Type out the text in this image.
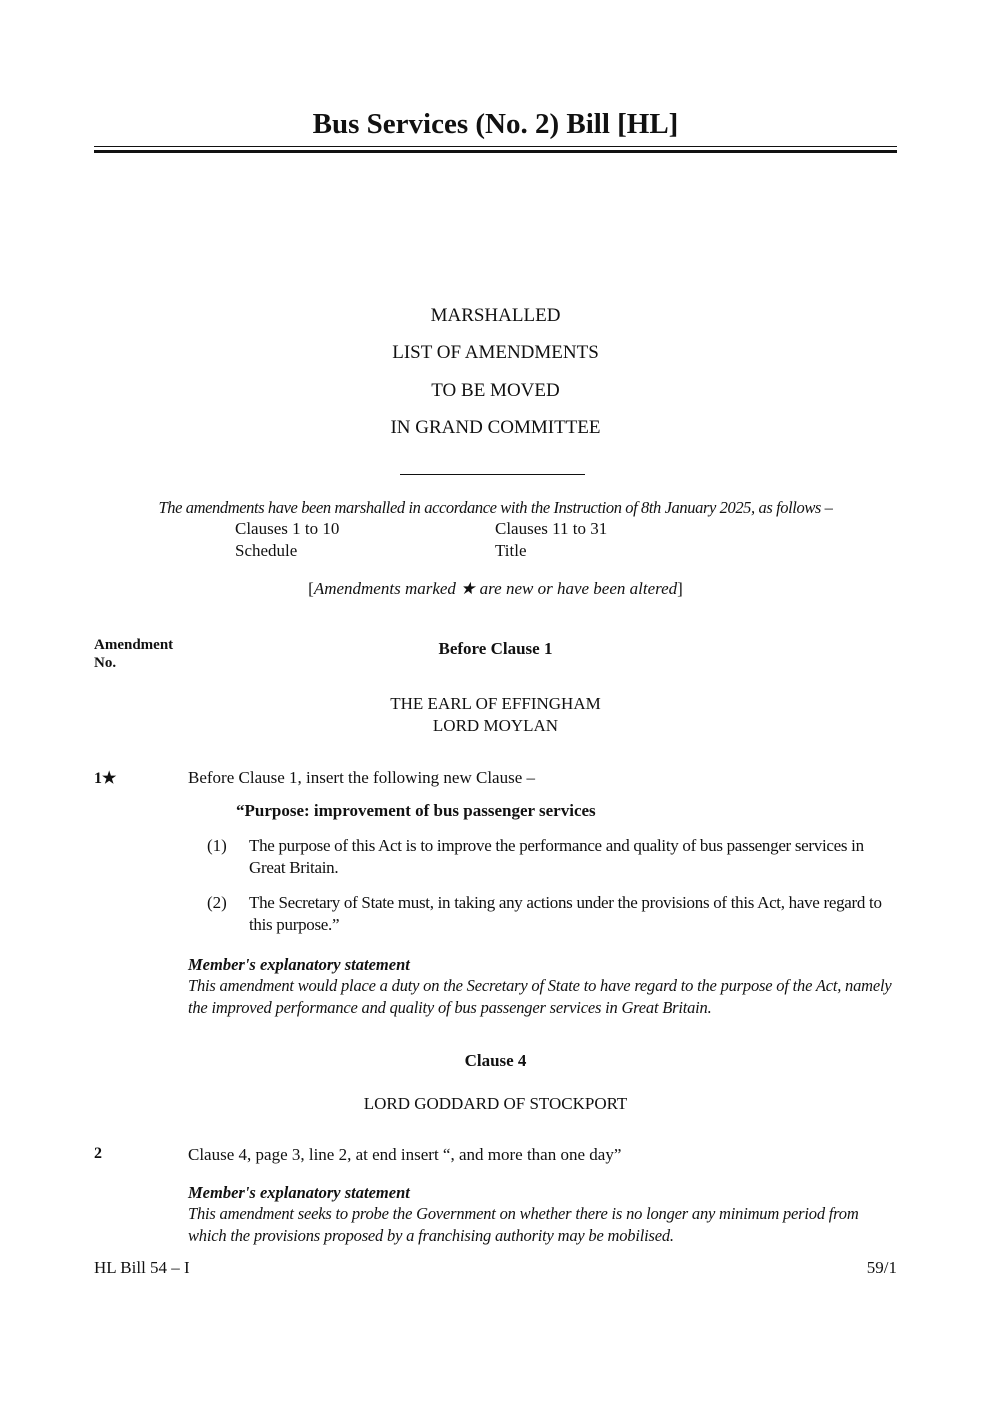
Bus Services (No. 2) Bill [HL]
MARSHALLED
LIST OF AMENDMENTS
TO BE MOVED
IN GRAND COMMITTEE
The amendments have been marshalled in accordance with the Instruction of 8th January 2025, as follows –
Clauses 1 to 10	Clauses 11 to 31
Schedule	Title
[Amendments marked ★ are new or have been altered]
Amendment
No.
Before Clause 1
THE EARL OF EFFINGHAM
LORD MOYLAN
1★	Before Clause 1, insert the following new Clause –
“Purpose: improvement of bus passenger services
(1)	The purpose of this Act is to improve the performance and quality of bus passenger services in Great Britain.
(2)	The Secretary of State must, in taking any actions under the provisions of this Act, have regard to this purpose.”
Member's explanatory statement
This amendment would place a duty on the Secretary of State to have regard to the purpose of the Act, namely the improved performance and quality of bus passenger services in Great Britain.
Clause 4
LORD GODDARD OF STOCKPORT
2	Clause 4, page 3, line 2, at end insert “, and more than one day”
Member's explanatory statement
This amendment seeks to probe the Government on whether there is no longer any minimum period from which the provisions proposed by a franchising authority may be mobilised.
HL Bill 54 – I	59/1
